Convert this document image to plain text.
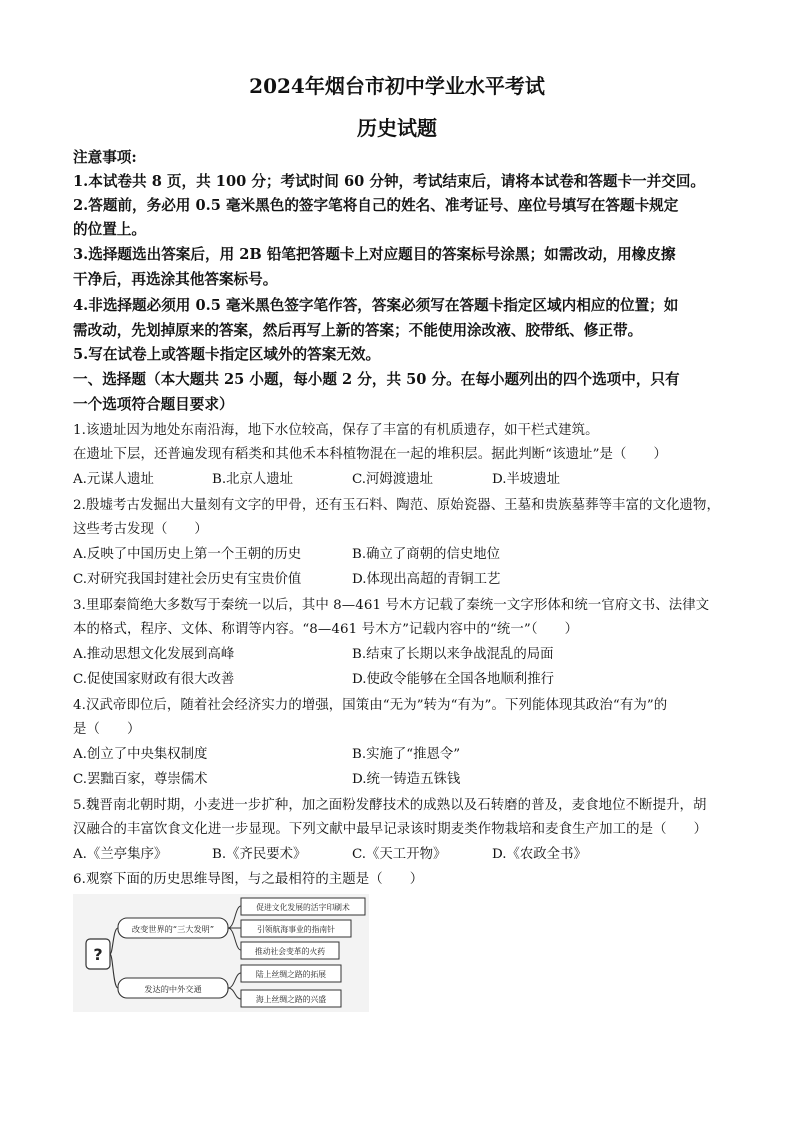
2024年烟台市初中学业水平考试
历史试题
注意事项:
1.本试卷共 8 页，共 100 分；考试时间 60 分钟，考试结束后，请将本试卷和答题卡一并交回。
2.答题前，务必用 0.5 毫米黑色的签字笔将自己的姓名、准考证号、座位号填写在答题卡规定
的位置上。
3.选择题选出答案后，用 2B 铅笔把答题卡上对应题目的答案标号涂黑；如需改动，用橡皮擦
干净后，再选涂其他答案标号。
4.非选择题必须用 0.5 毫米黑色签字笔作答，答案必须写在答题卡指定区域内相应的位置；如
需改动，先划掉原来的答案，然后再写上新的答案；不能使用涂改液、胶带纸、修正带。
5.写在试卷上或答题卡指定区域外的答案无效。
一、选择题（本大题共 25 小题，每小题 2 分，共 50 分。在每小题列出的四个选项中，只有
一个选项符合题目要求）
1.该遗址因为地处东南沿海，地下水位较高，保存了丰富的有机质遗存，如干栏式建筑。
在遗址下层，还普遍发现有稻类和其他禾本科植物混在一起的堆积层。据此判断“该遗址”是（　　）
A.元谋人遗址	B.北京人遗址	C.河姆渡遗址	D.半坡遗址
2.殷墟考古发掘出大量刻有文字的甲骨，还有玉石料、陶范、原始瓷器、王墓和贵族墓葬等丰富的文化遗物，
这些考古发现（　　）
A.反映了中国历史上第一个王朝的历史	B.确立了商朝的信史地位
C.对研究我国封建社会历史有宝贵价值	D.体现出高超的青铜工艺
3.里耶秦简绝大多数写于秦统一以后，其中 8—461 号木方记载了秦统一文字形体和统一官府文书、法律文
本的格式，程序、文体、称谓等内容。“8—461 号木方”记载内容中的“统一”（　　）
A.推动思想文化发展到高峰	B.结束了长期以来争战混乱的局面
C.促使国家财政有很大改善	D.使政令能够在全国各地顺利推行
4.汉武帝即位后，随着社会经济实力的增强，国策由“无为”转为“有为”。下列能体现其政治“有为”的
是（　　）
A.创立了中央集权制度	B.实施了“推恩令”
C.罢黜百家，尊崇儒术	D.统一铸造五铢钱
5.魏晋南北朝时期，小麦进一步扩种，加之面粉发酵技术的成熟以及石转磨的普及，麦食地位不断提升，胡
汉融合的丰富饮食文化进一步显现。下列文献中最早记录该时期麦类作物栽培和麦食生产加工的是（　　）
A.《兰亭集序》	B.《齐民要术》	C.《天工开物》	D.《农政全书》
6.观察下面的历史思维导图，与之最相符的主题是（　　）
?
改变世界的“三大发明”
促进文化发展的活字印刷术
引领航海事业的指南针
推动社会变革的火药
发达的中外交通
陆上丝绸之路的拓展
海上丝绸之路的兴盛
